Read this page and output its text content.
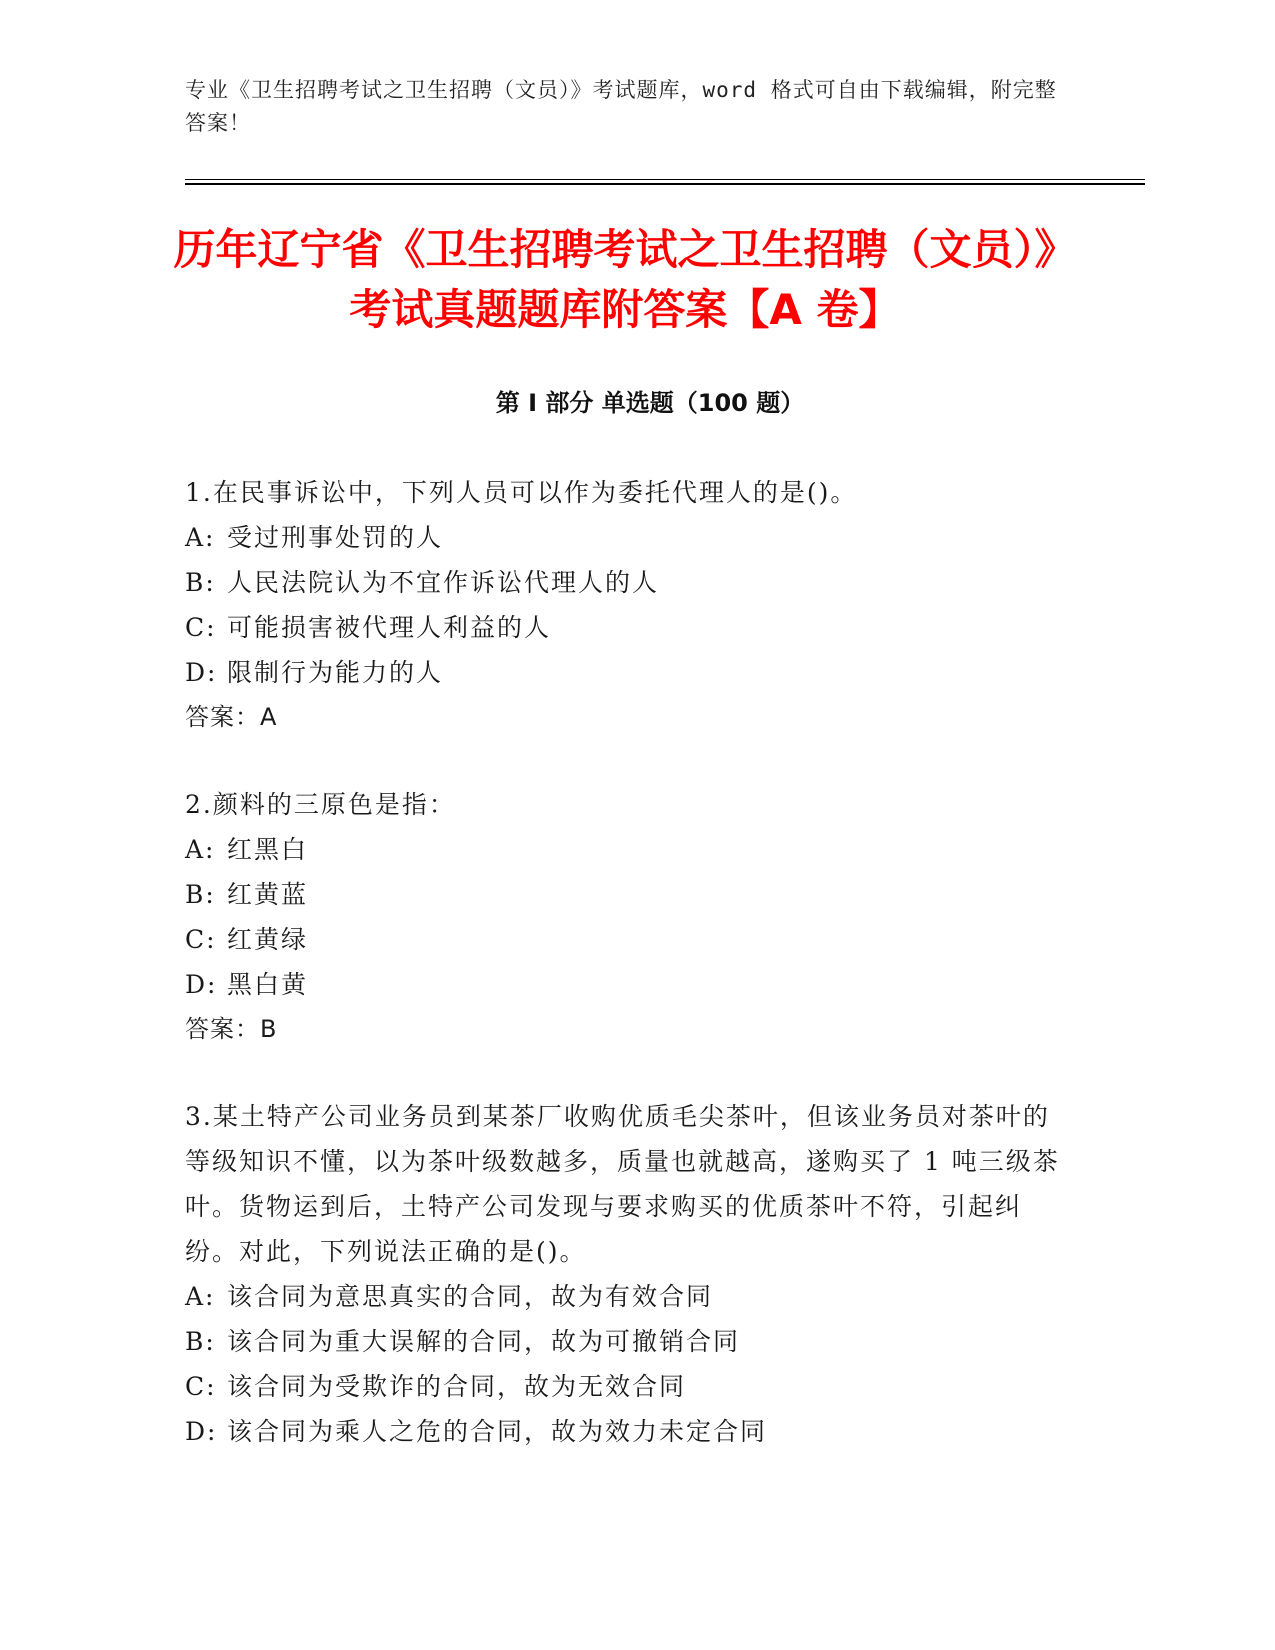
专业《卫生招聘考试之卫生招聘（文员）》考试题库，word 格式可自由下载编辑，附完整答案！
历年辽宁省《卫生招聘考试之卫生招聘（文员）》考试真题题库附答案【A 卷】
第 I 部分 单选题（100 题）
1.在民事诉讼中，下列人员可以作为委托代理人的是()。
A: 受过刑事处罚的人
B: 人民法院认为不宜作诉讼代理人的人
C: 可能损害被代理人利益的人
D: 限制行为能力的人
答案：A
2.颜料的三原色是指：
A: 红黑白
B: 红黄蓝
C: 红黄绿
D: 黑白黄
答案：B
3.某土特产公司业务员到某茶厂收购优质毛尖茶叶，但该业务员对茶叶的等级知识不懂，以为茶叶级数越多，质量也就越高，遂购买了 1 吨三级茶叶。货物运到后，土特产公司发现与要求购买的优质茶叶不符，引起纠纷。对此，下列说法正确的是()。
A: 该合同为意思真实的合同，故为有效合同
B: 该合同为重大误解的合同，故为可撤销合同
C: 该合同为受欺诈的合同，故为无效合同
D: 该合同为乘人之危的合同，故为效力未定合同
